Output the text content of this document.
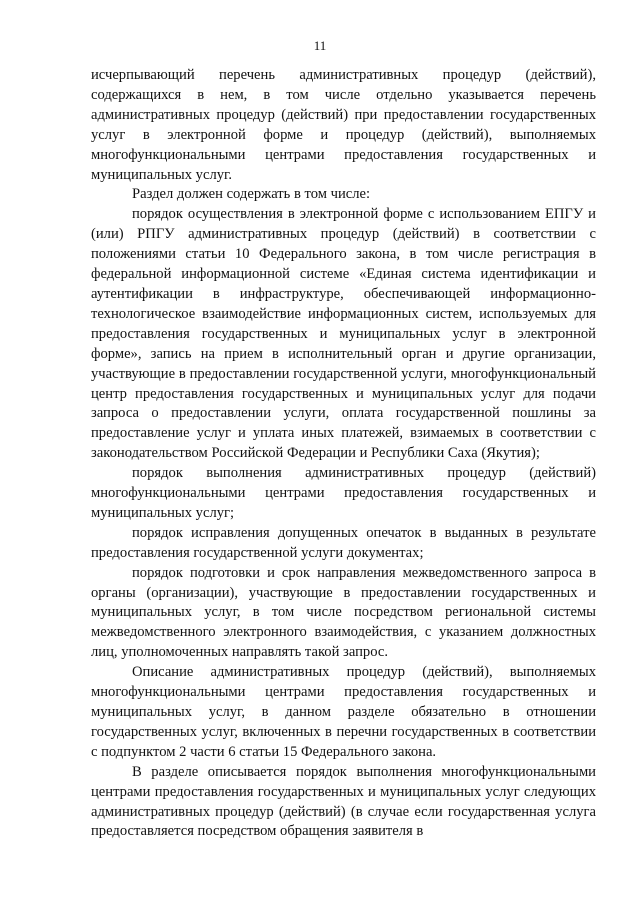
11

исчерпывающий перечень административных процедур (действий), содержащихся в нем, в том числе отдельно указывается перечень административных процедур (действий) при предоставлении государственных услуг в электронной форме и процедур (действий), выполняемых многофункциональными центрами предоставления государственных и муниципальных услуг.

Раздел должен содержать в том числе:

порядок осуществления в электронной форме с использованием ЕПГУ и (или) РПГУ административных процедур (действий) в соответствии с положениями статьи 10 Федерального закона, в том числе регистрация в федеральной информационной системе «Единая система идентификации и аутентификации в инфраструктуре, обеспечивающей информационно-технологическое взаимодействие информационных систем, используемых для предоставления государственных и муниципальных услуг в электронной форме», запись на прием в исполнительный орган и другие организации, участвующие в предоставлении государственной услуги, многофункциональный центр предоставления государственных и муниципальных услуг для подачи запроса о предоставлении услуги, оплата государственной пошлины за предоставление услуг и уплата иных платежей, взимаемых в соответствии с законодательством Российской Федерации и Республики Саха (Якутия);

порядок выполнения административных процедур (действий) многофункциональными центрами предоставления государственных и муниципальных услуг;

порядок исправления допущенных опечаток в выданных в результате предоставления государственной услуги документах;

порядок подготовки и срок направления межведомственного запроса в органы (организации), участвующие в предоставлении государственных и муниципальных услуг, в том числе посредством региональной системы межведомственного электронного взаимодействия, с указанием должностных лиц, уполномоченных направлять такой запрос.

Описание административных процедур (действий), выполняемых многофункциональными центрами предоставления государственных и муниципальных услуг, в данном разделе обязательно в отношении государственных услуг, включенных в перечни государственных в соответствии с подпунктом 2 части 6 статьи 15 Федерального закона.

В разделе описывается порядок выполнения многофункциональными центрами предоставления государственных и муниципальных услуг следующих административных процедур (действий) (в случае если государственная услуга предоставляется посредством обращения заявителя в
